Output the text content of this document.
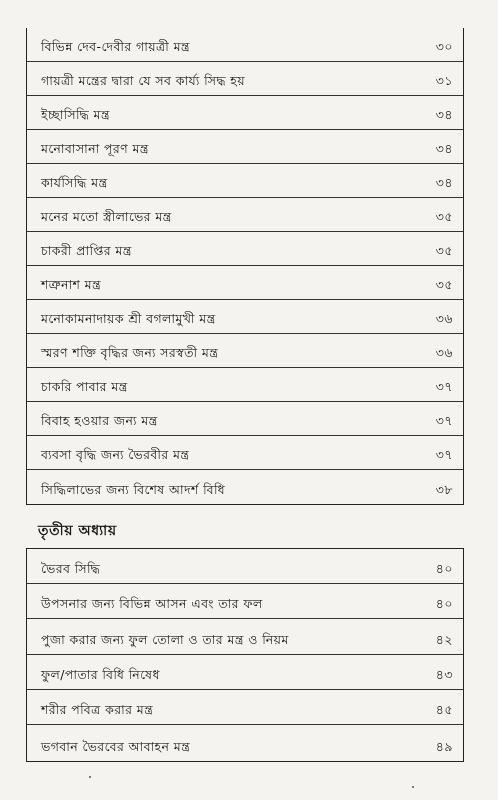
বিভিন্ন দেব-দেবীর গায়ত্রী মন্ত্র	৩০
গায়ত্রী মন্ত্রের দ্বারা যে সব কার্য্য সিদ্ধ হয়	৩১
ইচ্ছাসিদ্ধি মন্ত্র	৩৪
মনোবাসানা পূরণ মন্ত্র	৩৪
কার্যসিদ্ধি মন্ত্র	৩৪
মনের মতো স্ত্রীলাভের মন্ত্র	৩৫
চাকরী প্রাপ্তির মন্ত্র	৩৫
শত্রুনাশ মন্ত্র	৩৫
মনোকামনাদায়ক শ্রী বগলামুখী মন্ত্র	৩৬
স্মরণ শক্তি বৃদ্ধির জন্য সরস্বতী মন্ত্র	৩৬
চাকরি পাবার মন্ত্র	৩৭
বিবাহ হওয়ার জন্য মন্ত্র	৩৭
ব্যবসা বৃদ্ধি জন্য ভৈরবীর মন্ত্র	৩৭
সিদ্ধিলাভের জন্য বিশেষ আদর্শ বিধি	৩৮
তৃতীয় অধ্যায়
ভৈরব সিদ্ধি	৪০
উপসনার জন্য বিভিন্ন আসন এবং তার ফল	৪০
পুজা করার জন্য ফুল তোলা ও তার মন্ত্র ও নিয়ম	৪২
ফুল/পাতার বিধি নিষেধ	৪৩
শরীর পবিত্র করার মন্ত্র	৪৫
ভগবান ভৈরবের আবাহন মন্ত্র	৪৯
